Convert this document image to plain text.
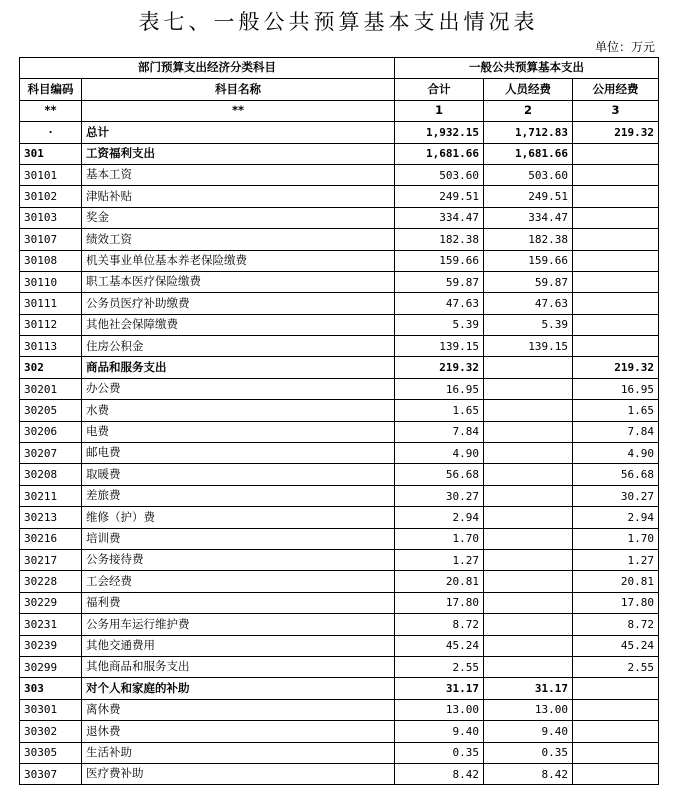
表七、一般公共预算基本支出情况表
单位：万元
部门预算支出经济分类科目		一般公共预算基本支出		
科目编码	科目名称	合计	人员经费	公用经费
**	**	1	2	3
·	总计	1,932.15	1,712.83	219.32
301	工资福利支出	1,681.66	1,681.66	
30101	基本工资	503.60	503.60	
30102	津贴补贴	249.51	249.51	
30103	奖金	334.47	334.47	
30107	绩效工资	182.38	182.38	
30108	机关事业单位基本养老保险缴费	159.66	159.66	
30110	职工基本医疗保险缴费	59.87	59.87	
30111	公务员医疗补助缴费	47.63	47.63	
30112	其他社会保障缴费	5.39	5.39	
30113	住房公积金	139.15	139.15	
302	商品和服务支出	219.32		219.32
30201	办公费	16.95		16.95
30205	水费	1.65		1.65
30206	电费	7.84		7.84
30207	邮电费	4.90		4.90
30208	取暖费	56.68		56.68
30211	差旅费	30.27		30.27
30213	维修（护）费	2.94		2.94
30216	培训费	1.70		1.70
30217	公务接待费	1.27		1.27
30228	工会经费	20.81		20.81
30229	福利费	17.80		17.80
30231	公务用车运行维护费	8.72		8.72
30239	其他交通费用	45.24		45.24
30299	其他商品和服务支出	2.55		2.55
303	对个人和家庭的补助	31.17	31.17	
30301	离休费	13.00	13.00	
30302	退休费	9.40	9.40	
30305	生活补助	0.35	0.35	
30307	医疗费补助	8.42	8.42	
